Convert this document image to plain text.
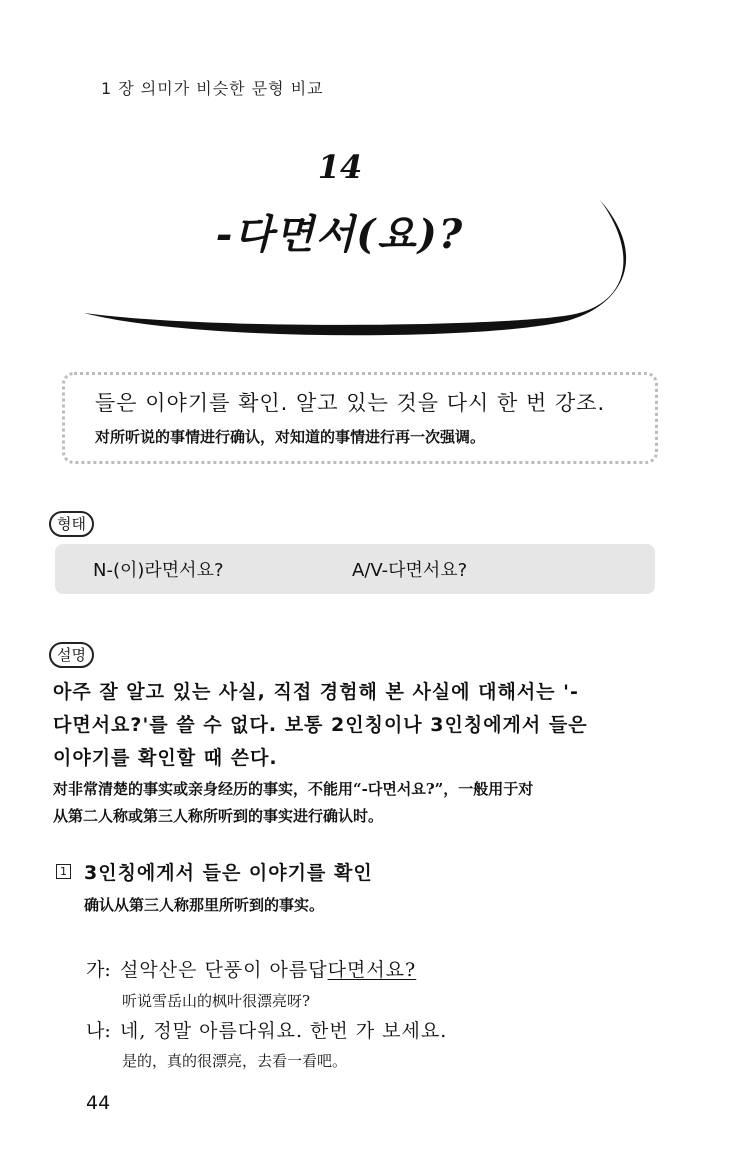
1 장 의미가 비슷한 문형 비교
14
-다면서(요)?
들은 이야기를 확인. 알고 있는 것을 다시 한 번 강조.
对所听说的事情进行确认，对知道的事情进行再一次强调。
형태
N-(이)라면서요?	A/V-다면서요?
설명
아주 잘 알고 있는 사실, 직접 경험해 본 사실에 대해서는 '-
다면서요?'를 쓸 수 없다. 보통 2인칭이나 3인칭에게서 들은
이야기를 확인할 때 쓴다.
对非常清楚的事实或亲身经历的事实，不能用“-다면서요?”，一般用于对
从第二人称或第三人称所听到的事实进行确认时。
1 3인칭에게서 들은 이야기를 확인
确认从第三人称那里所听到的事实。
가: 설악산은 단풍이 아름답다면서요?
听说雪岳山的枫叶很漂亮呀?
나: 네, 정말 아름다워요. 한번 가 보세요.
是的，真的很漂亮，去看一看吧。
44
